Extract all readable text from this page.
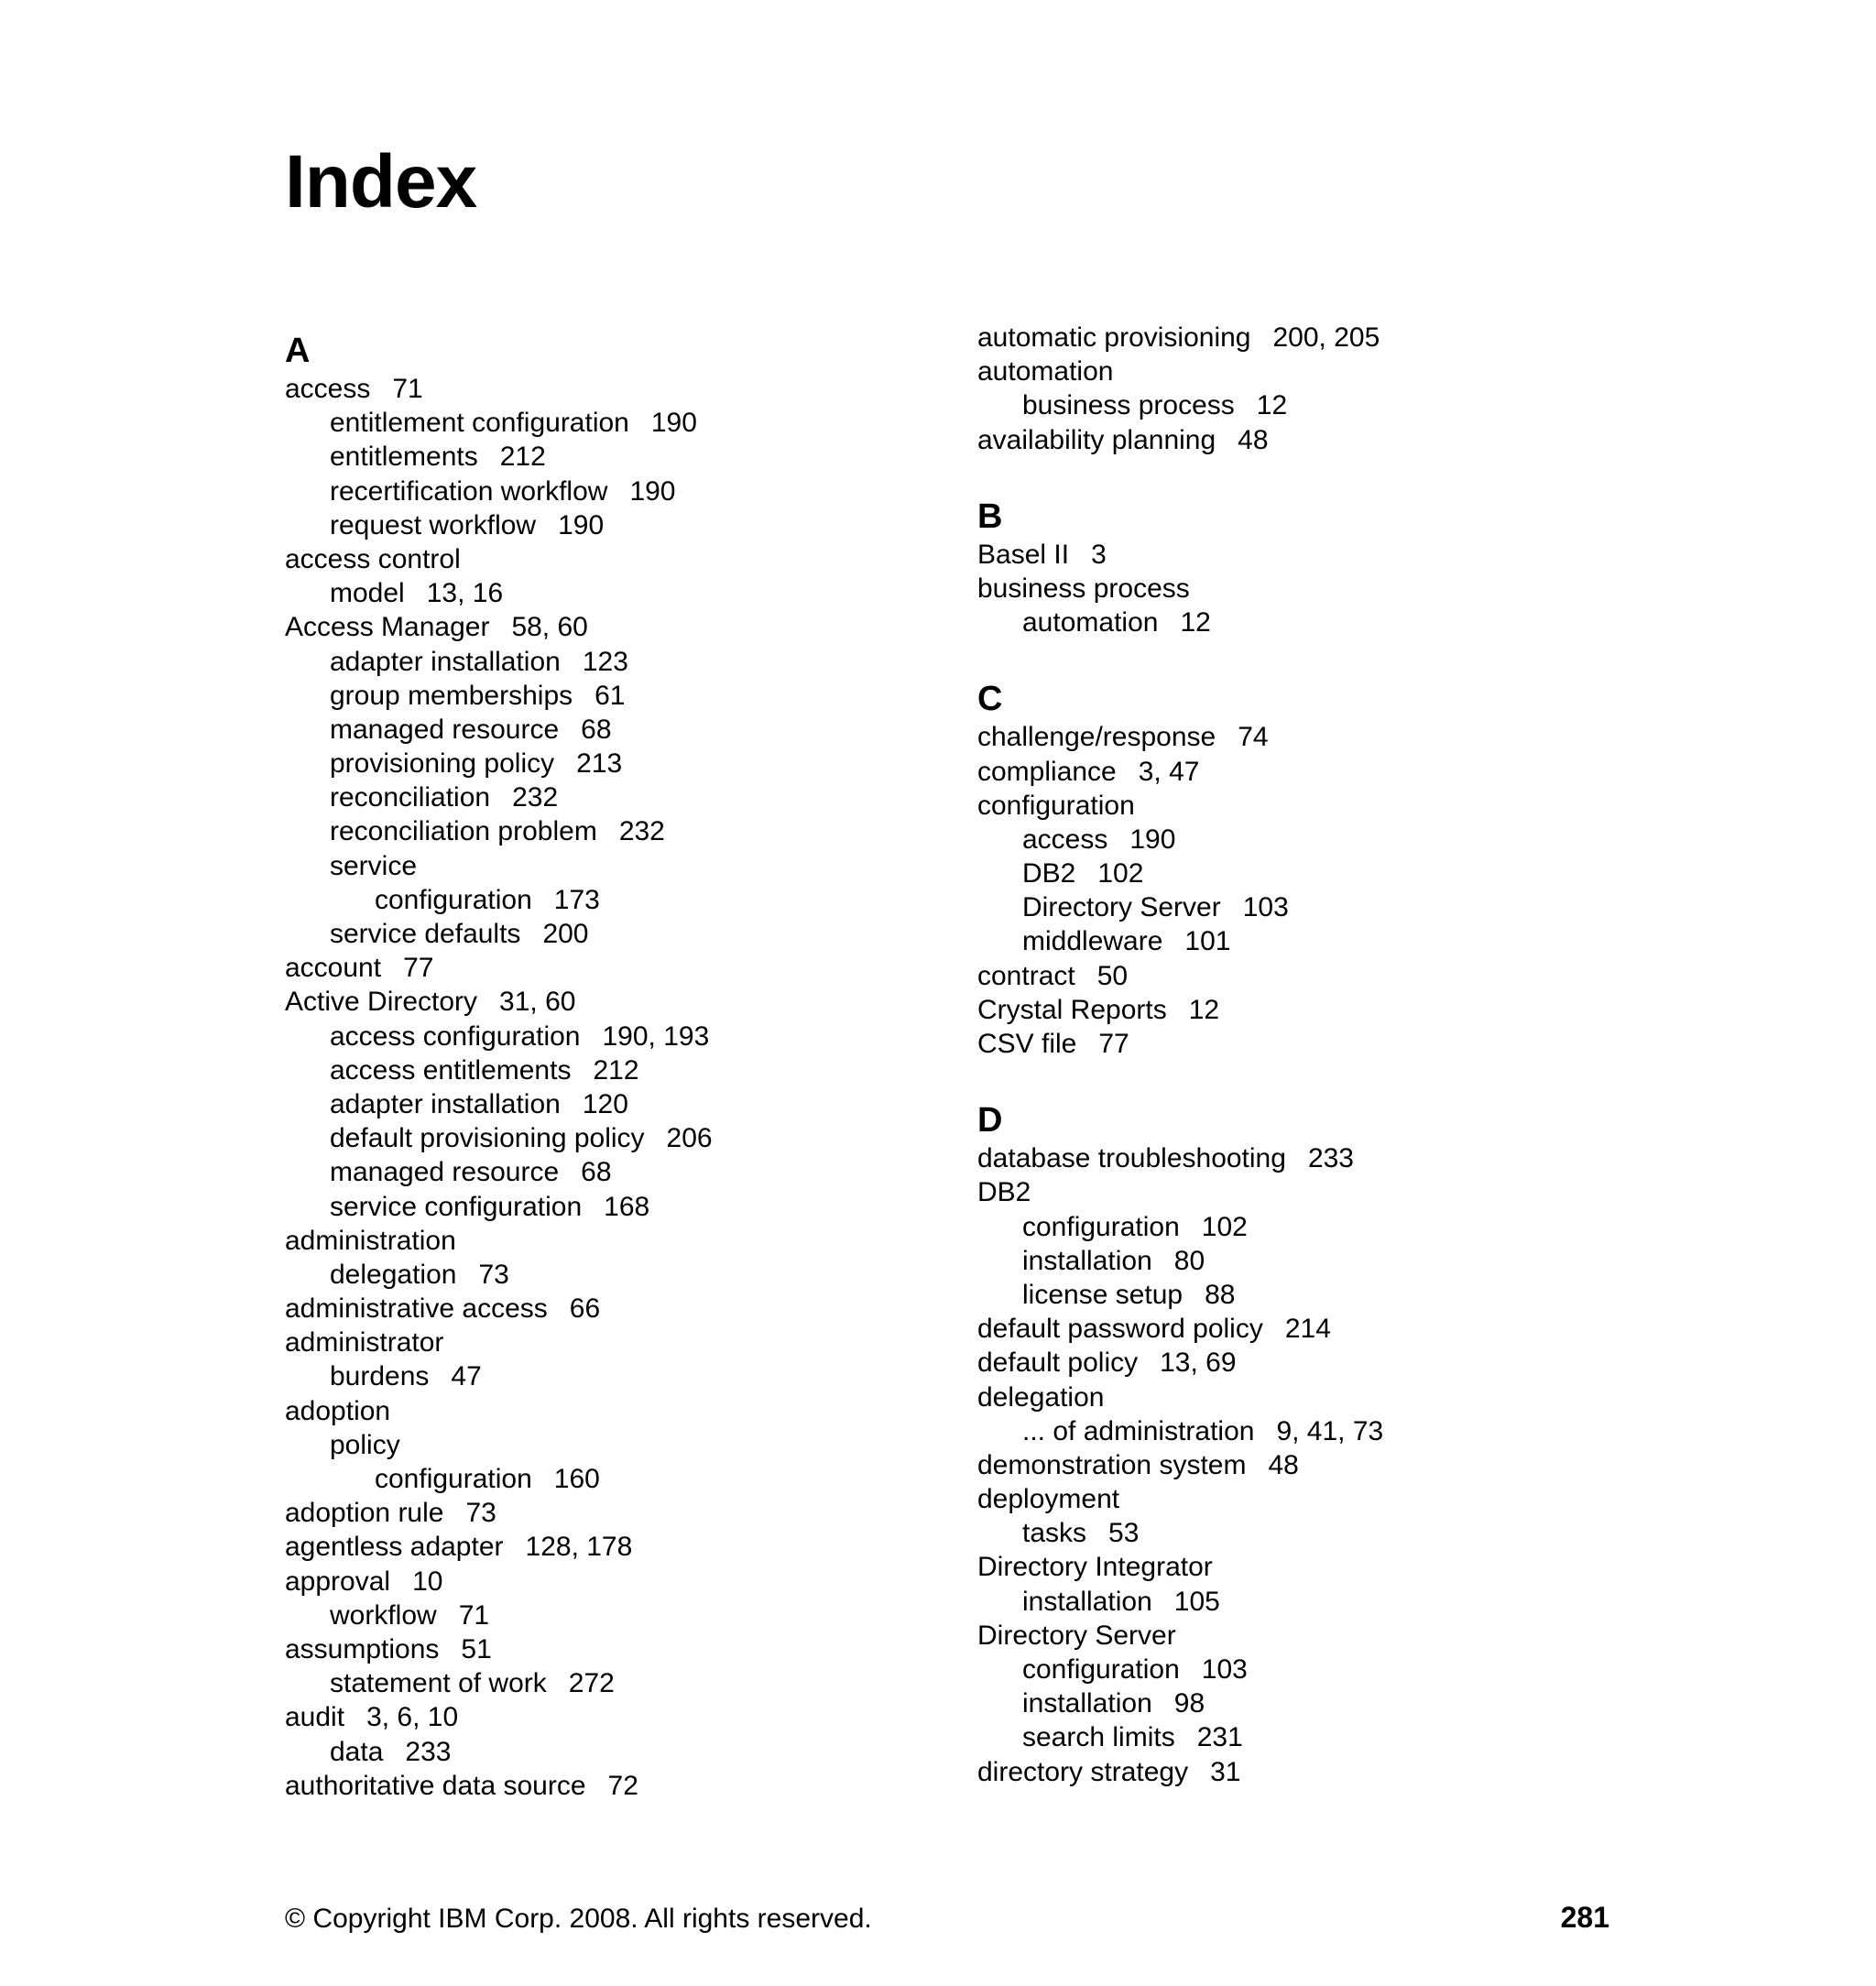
Index
A
access 71
entitlement configuration 190
entitlements 212
recertification workflow 190
request workflow 190
access control
model 13, 16
Access Manager 58, 60
adapter installation 123
group memberships 61
managed resource 68
provisioning policy 213
reconciliation 232
reconciliation problem 232
service
configuration 173
service defaults 200
account 77
Active Directory 31, 60
access configuration 190, 193
access entitlements 212
adapter installation 120
default provisioning policy 206
managed resource 68
service configuration 168
administration
delegation 73
administrative access 66
administrator
burdens 47
adoption
policy
configuration 160
adoption rule 73
agentless adapter 128, 178
approval 10
workflow 71
assumptions 51
statement of work 272
audit 3, 6, 10
data 233
authoritative data source 72
automatic provisioning 200, 205
automation
business process 12
availability planning 48
B
Basel II 3
business process
automation 12
C
challenge/response 74
compliance 3, 47
configuration
access 190
DB2 102
Directory Server 103
middleware 101
contract 50
Crystal Reports 12
CSV file 77
D
database troubleshooting 233
DB2
configuration 102
installation 80
license setup 88
default password policy 214
default policy 13, 69
delegation
... of administration 9, 41, 73
demonstration system 48
deployment
tasks 53
Directory Integrator
installation 105
Directory Server
configuration 103
installation 98
search limits 231
directory strategy 31
© Copyright IBM Corp. 2008. All rights reserved.	281
